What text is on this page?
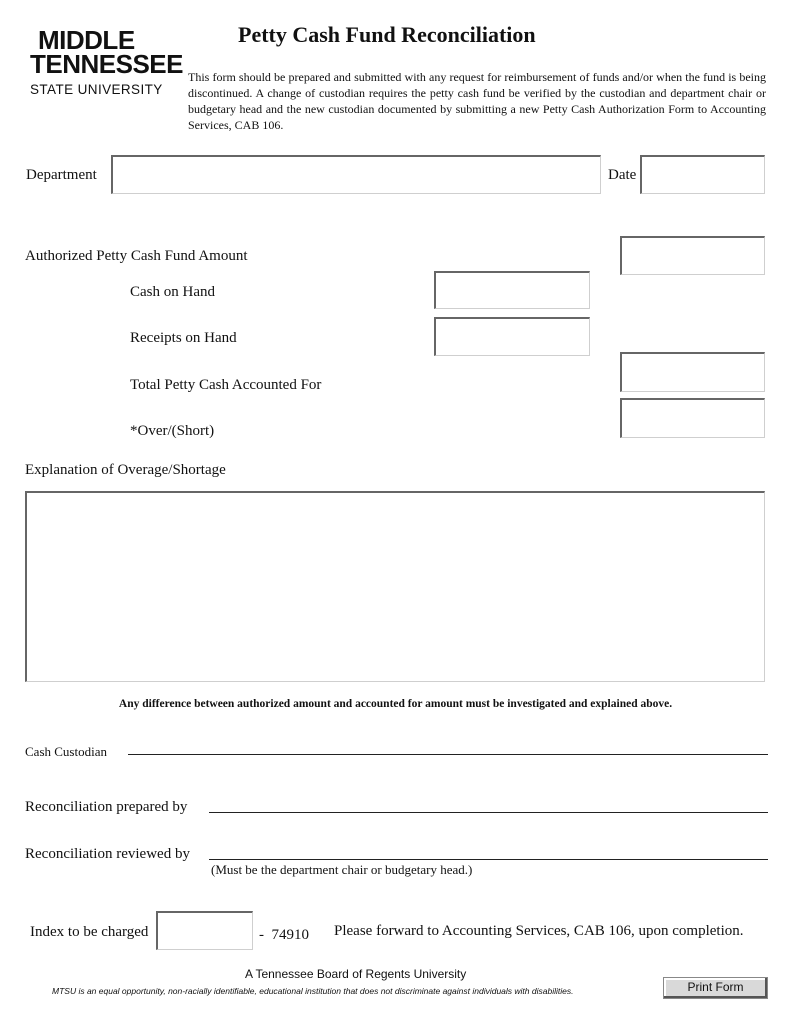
MIDDLE
TENNESSEE
STATE UNIVERSITY
Petty Cash Fund Reconciliation
This form should be prepared and submitted with any request for reimbursement of funds and/or when the fund is being discontinued. A change of custodian requires the petty cash fund be verified by the custodian and department chair or budgetary head and the new custodian documented by submitting a new Petty Cash Authorization Form to Accounting Services, CAB 106.
Department	Date
Authorized Petty Cash Fund Amount
Cash on Hand
Receipts on Hand
Total Petty Cash Accounted For
*Over/(Short)
Explanation of Overage/Shortage
Any difference between authorized amount and accounted for amount must be investigated and explained above.
Cash Custodian
Reconciliation prepared by
Reconciliation reviewed by
(Must be the department chair or budgetary head.)
Index to be charged	-  74910 Please forward to Accounting Services, CAB 106, upon completion.
A Tennessee Board of Regents University
MTSU is an equal opportunity, non-racially identifiable, educational institution that does not discriminate against individuals with disabilities.	Print Form
